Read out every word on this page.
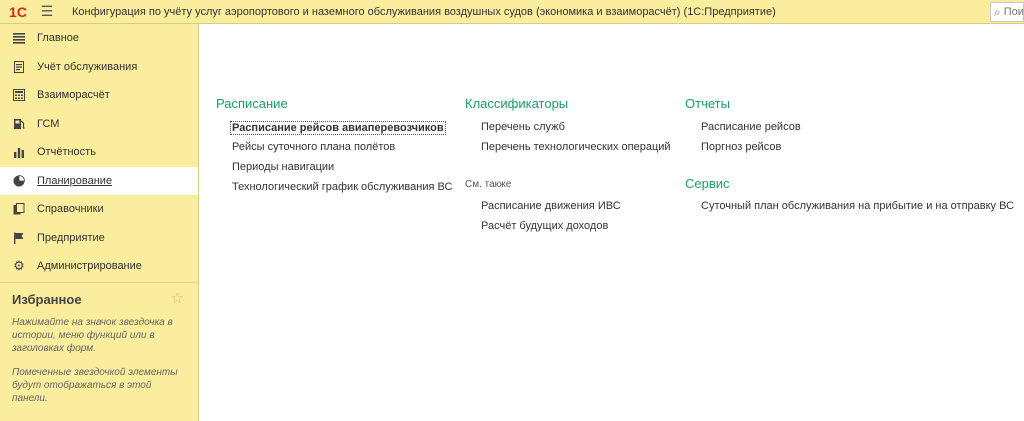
1С ☰	Конфигурация по учёту услуг аэропортового и наземного обслуживания воздушных судов (экономика и взаиморасчёт) (1С:Предприятие)	⌕
Пои
Главное
Учёт обслуживания
Взаиморасчёт
ГСМ
Отчётность
Планирование
Справочники
Предприятие
⚙ Администрирование
Избранное	☆
Нажимайте на значок звездочка в истории, меню функций или в заголовках форм.
Помеченные звездочкой элементы будут отображаться в этой панели.
Расписание
Расписание рейсов авиаперевозчиков
Рейсы суточного плана полётов
Периоды навигации
Технологический график обслуживания ВС
Классификаторы
Перечень служб
Перечень технологических операций
См. также
Расписание движения ИВС
Расчёт будущих доходов
Отчеты
Расписание рейсов
Поргноз рейсов
Сервис
Суточный план обслуживания на прибытие и на отправку ВС
